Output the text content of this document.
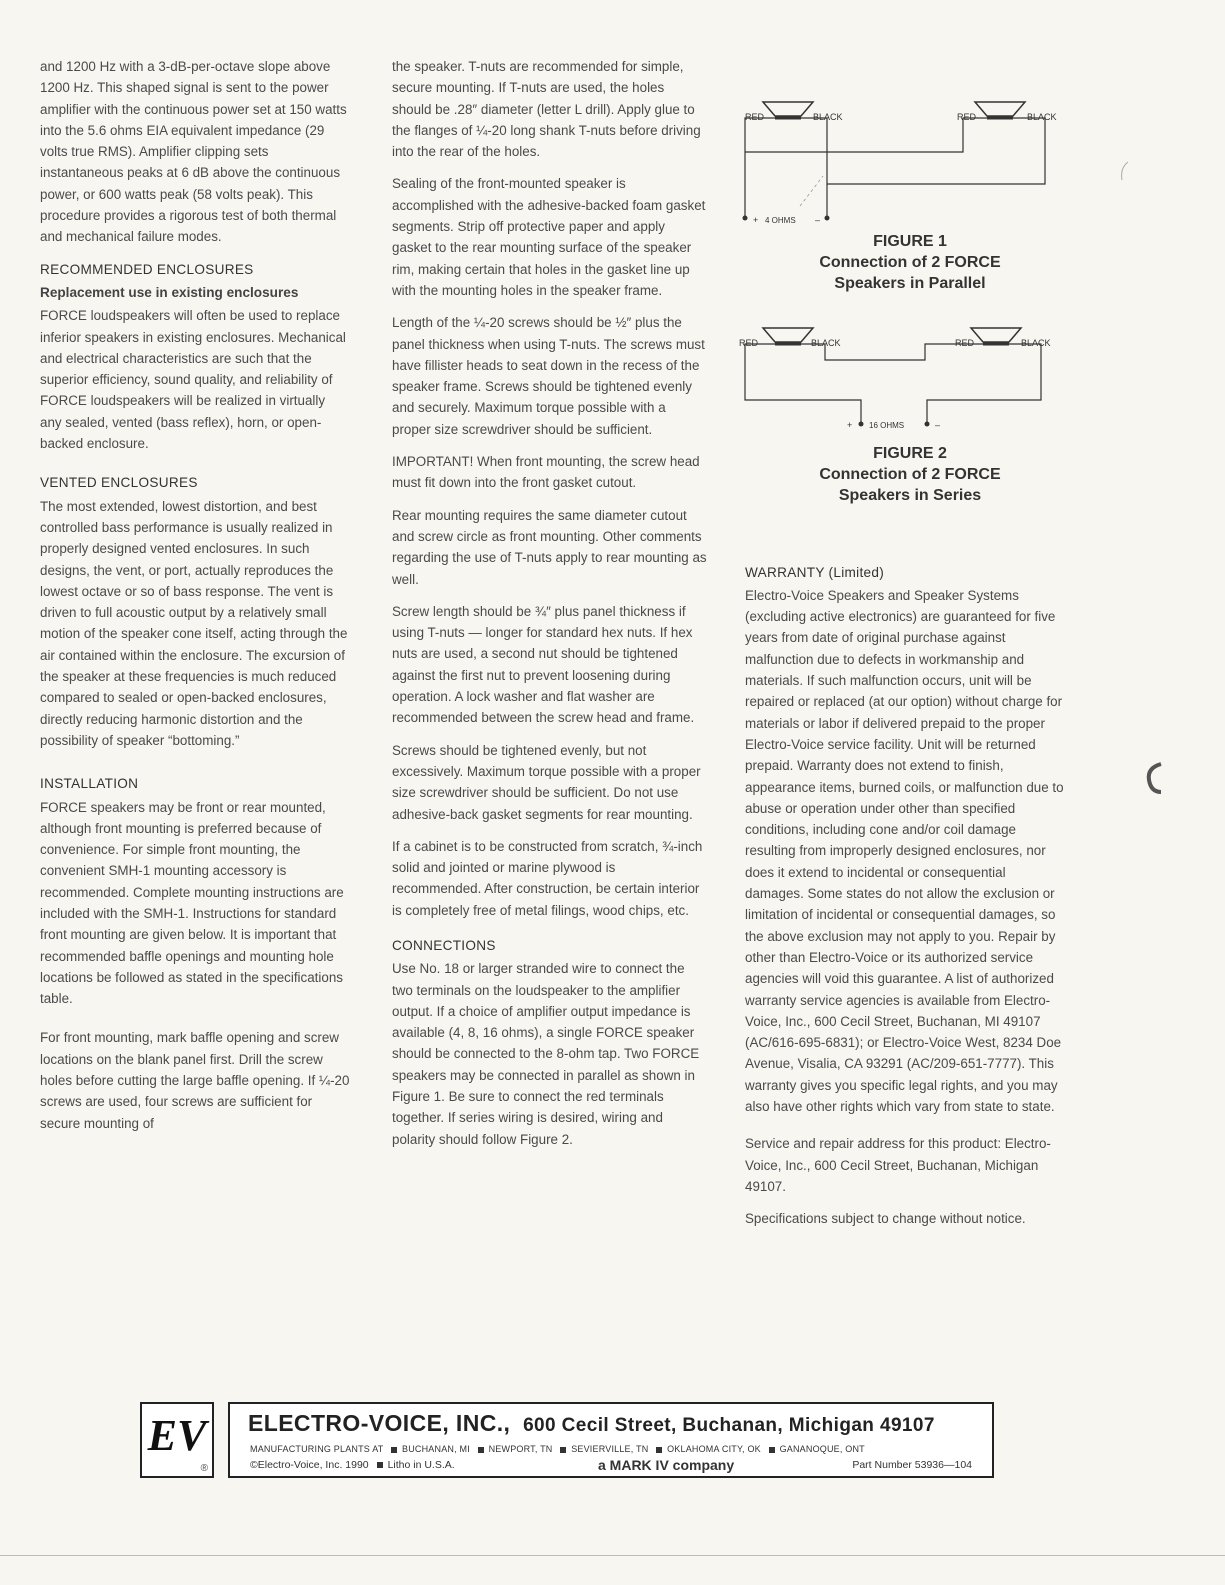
and 1200 Hz with a 3-dB-per-octave slope above 1200 Hz. This shaped signal is sent to the power amplifier with the continuous power set at 150 watts into the 5.6 ohms EIA equivalent impedance (29 volts true RMS). Amplifier clipping sets instantaneous peaks at 6 dB above the continuous power, or 600 watts peak (58 volts peak). This procedure provides a rigorous test of both thermal and mechanical failure modes.

RECOMMENDED ENCLOSURES
Replacement use in existing enclosures

FORCE loudspeakers will often be used to replace inferior speakers in existing enclosures. Mechanical and electrical characteristics are such that the superior efficiency, sound quality, and reliability of FORCE loudspeakers will be realized in virtually any sealed, vented (bass reflex), horn, or open-backed enclosure.

VENTED ENCLOSURES

The most extended, lowest distortion, and best controlled bass performance is usually realized in properly designed vented enclosures. In such designs, the vent, or port, actually reproduces the lowest octave or so of bass response. The vent is driven to full acoustic output by a relatively small motion of the speaker cone itself, acting through the air contained within the enclosure. The excursion of the speaker at these frequencies is much reduced compared to sealed or open-backed enclosures, directly reducing harmonic distortion and the possibility of speaker “bottoming.”

INSTALLATION

FORCE speakers may be front or rear mounted, although front mounting is preferred because of convenience. For simple front mounting, the convenient SMH-1 mounting accessory is recommended. Complete mounting instructions are included with the SMH-1. Instructions for standard front mounting are given below. It is important that recommended baffle openings and mounting hole locations be followed as stated in the specifications table.

For front mounting, mark baffle opening and screw locations on the blank panel first. Drill the screw holes before cutting the large baffle opening. If ¼-20 screws are used, four screws are sufficient for secure mounting of

the speaker. T-nuts are recommended for simple, secure mounting. If T-nuts are used, the holes should be .28″ diameter (letter L drill). Apply glue to the flanges of ¼-20 long shank T-nuts before driving into the rear of the holes.

Sealing of the front-mounted speaker is accomplished with the adhesive-backed foam gasket segments. Strip off protective paper and apply gasket to the rear mounting surface of the speaker rim, making certain that holes in the gasket line up with the mounting holes in the speaker frame.

Length of the ¼-20 screws should be ½″ plus the panel thickness when using T-nuts. The screws must have fillister heads to seat down in the recess of the speaker frame. Screws should be tightened evenly and securely. Maximum torque possible with a proper size screwdriver should be sufficient.

IMPORTANT! When front mounting, the screw head must fit down into the front gasket cutout.

Rear mounting requires the same diameter cutout and screw circle as front mounting. Other comments regarding the use of T-nuts apply to rear mounting as well.

Screw length should be ¾″ plus panel thickness if using T-nuts — longer for standard hex nuts. If hex nuts are used, a second nut should be tightened against the first nut to prevent loosening during operation. A lock washer and flat washer are recommended between the screw head and frame.

Screws should be tightened evenly, but not excessively. Maximum torque possible with a proper size screwdriver should be sufficient. Do not use adhesive-back gasket segments for rear mounting.

If a cabinet is to be constructed from scratch, ¾-inch solid and jointed or marine plywood is recommended. After construction, be certain interior is completely free of metal filings, wood chips, etc.

CONNECTIONS

Use No. 18 or larger stranded wire to connect the two terminals on the loudspeaker to the amplifier output. If a choice of amplifier output impedance is available (4, 8, 16 ohms), a single FORCE speaker should be connected to the 8-ohm tap. Two FORCE speakers may be connected in parallel as shown in Figure 1. Be sure to connect the red terminals together. If series wiring is desired, wiring and polarity should follow Figure 2.

RED	BLACK	RED	BLACK
+ 4 OHMS –
FIGURE 1
Connection of 2 FORCE
Speakers in Parallel
RED	BLACK	RED	BLACK
+ 16 OHMS	–
FIGURE 2
Connection of 2 FORCE
Speakers in Series
WARRANTY (Limited)

Electro-Voice Speakers and Speaker Systems (excluding active electronics) are guaranteed for five years from date of original purchase against malfunction due to defects in workmanship and materials. If such malfunction occurs, unit will be repaired or replaced (at our option) without charge for materials or labor if delivered prepaid to the proper Electro-Voice service facility. Unit will be returned prepaid. Warranty does not extend to finish, appearance items, burned coils, or malfunction due to abuse or operation under other than specified conditions, including cone and/or coil damage resulting from improperly designed enclosures, nor does it extend to incidental or consequential damages. Some states do not allow the exclusion or limitation of incidental or consequential damages, so the above exclusion may not apply to you. Repair by other than Electro-Voice or its authorized service agencies will void this guarantee. A list of authorized warranty service agencies is available from Electro-Voice, Inc., 600 Cecil Street, Buchanan, MI 49107 (AC/616-695-6831); or Electro-Voice West, 8234 Doe Avenue, Visalia, CA 93291 (AC/209-651-7777). This warranty gives you specific legal rights, and you may also have other rights which vary from state to state.

Service and repair address for this product: Electro-Voice, Inc., 600 Cecil Street, Buchanan, Michigan 49107.

Specifications subject to change without notice.

EV
®
ELECTRO-VOICE, INC., 600 Cecil Street, Buchanan, Michigan 49107
MANUFACTURING PLANTS AT BUCHANAN, MI NEWPORT, TN SEVIERVILLE, TN OKLAHOMA CITY, OK GANANOQUE, ONT
©Electro-Voice, Inc. 1990 Litho in U.S.A.	a MARK IV company	Part Number 53936—104
